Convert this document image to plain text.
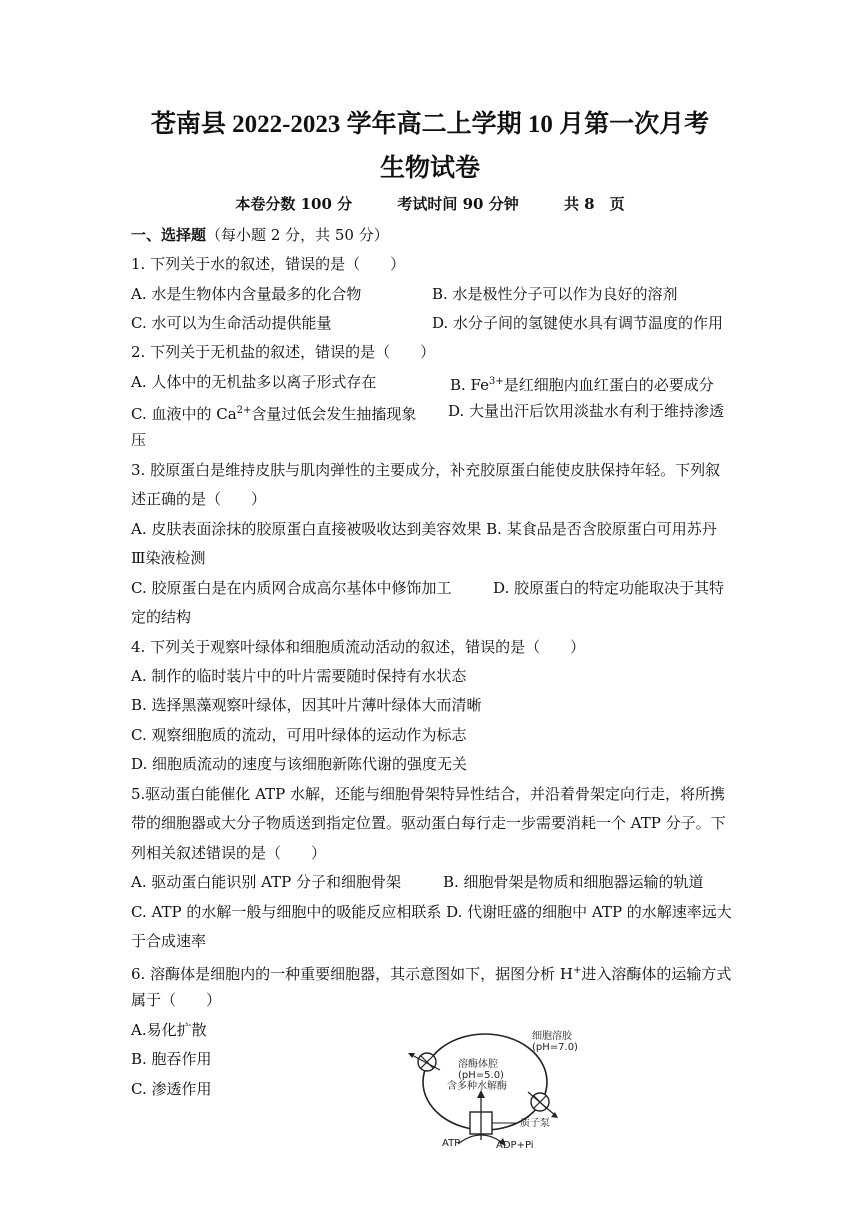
苍南县 2022-2023 学年高二上学期 10 月第一次月考
生物试卷
本卷分数 100 分	考试时间 90 分钟	共 8　页
一、选择题（每小题 2 分，共 50 分）
1. 下列关于水的叙述，错误的是（　　）
A. 水是生物体内含量最多的化合物	B. 水是极性分子可以作为良好的溶剂
C. 水可以为生命活动提供能量	D. 水分子间的氢键使水具有调节温度的作用
2. 下列关于无机盐的叙述，错误的是（　　）
A. 人体中的无机盐多以离子形式存在	B. $Fe^{3+}$是红细胞内血红蛋白的必要成分
C. 血液中的 $Ca^{2+}$含量过低会发生抽搐现象 D. 大量出汗后饮用淡盐水有利于维持渗透
压
3. 胶原蛋白是维持皮肤与肌肉弹性的主要成分，补充胶原蛋白能使皮肤保持年轻。下列叙
述正确的是（　　）
A. 皮肤表面涂抹的胶原蛋白直接被吸收达到美容效果 B. 某食品是否含胶原蛋白可用苏丹
Ⅲ染液检测
C. 胶原蛋白是在内质网合成高尔基体中修饰加工	D. 胶原蛋白的特定功能取决于其特
定的结构
4. 下列关于观察叶绿体和细胞质流动活动的叙述，错误的是（　　）
A. 制作的临时装片中的叶片需要随时保持有水状态
B. 选择黑藻观察叶绿体，因其叶片薄叶绿体大而清晰
C. 观察细胞质的流动，可用叶绿体的运动作为标志
D. 细胞质流动的速度与该细胞新陈代谢的强度无关
5.驱动蛋白能催化 ATP 水解，还能与细胞骨架特异性结合，并沿着骨架定向行走，将所携
带的细胞器或大分子物质送到指定位置。驱动蛋白每行走一步需要消耗一个 ATP 分子。下
列相关叙述错误的是（　　）
A. 驱动蛋白能识别 ATP 分子和细胞骨架	B. 细胞骨架是物质和细胞器运输的轨道
C. ATP 的水解一般与细胞中的吸能反应相联系 D. 代谢旺盛的细胞中 ATP 的水解速率远大
于合成速率
6. 溶酶体是细胞内的一种重要细胞器，其示意图如下，据图分析 H+进入溶酶体的运输方式
属于（　　）
A.易化扩散
B. 胞吞作用
C. 渗透作用
细胞溶胶
(pH=7.0)
溶酶体腔
(pH=5.0)
含多种水解酶
质子泵
ATP	ADP+Pi
